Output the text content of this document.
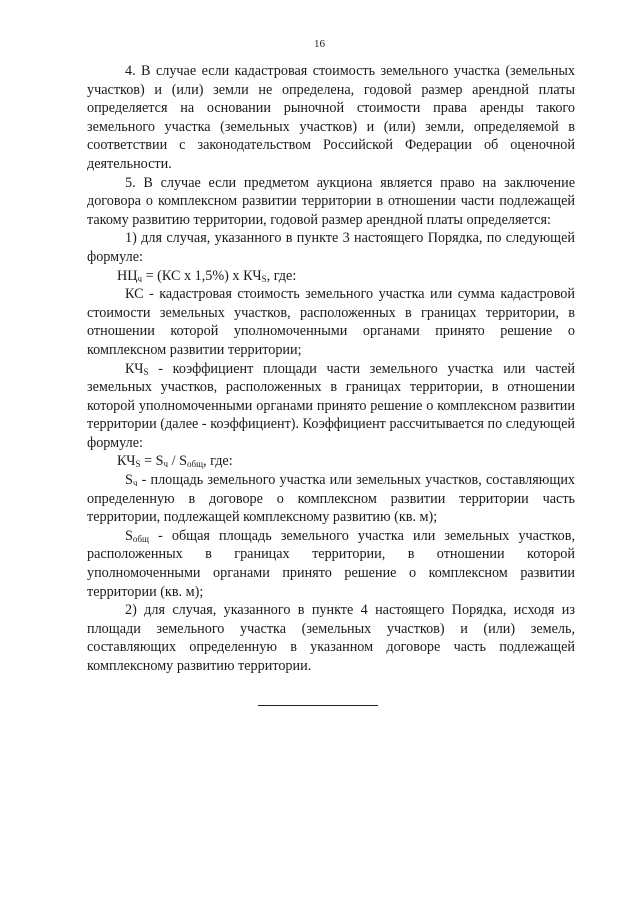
16

4. В случае если кадастровая стоимость земельного участка (земельных участков) и (или) земли не определена, годовой размер арендной платы определяется на основании рыночной стоимости права аренды такого земельного участка (земельных участков) и (или) земли, определяемой в соответствии с законодательством Российской Федерации об оценочной деятельности.

5. В случае если предметом аукциона является право на заключение договора о комплексном развитии территории в отношении части подлежащей такому развитию территории, годовой размер арендной платы определяется:

1) для случая, указанного в пункте 3 настоящего Порядка, по следующей формуле:

$НЦ_ч = (КС$ х 1,5%) х $КЧ_S$, где:

КС - кадастровая стоимость земельного участка или сумма кадастровой стоимости земельных участков, расположенных в границах территории, в отношении которой уполномоченными органами принято решение о комплексном развитии территории;

$КЧ_S$ - коэффициент площади части земельного участка или частей земельных участков, расположенных в границах территории, в отношении которой уполномоченными органами принято решение о комплексном развитии территории (далее - коэффициент). Коэффициент рассчитывается по следующей формуле:

$КЧ_S = S_ч / S_{общ}$, где:

$S_ч$ - площадь земельного участка или земельных участков, составляющих определенную в договоре о комплексном развитии территории часть территории, подлежащей комплексному развитию (кв. м);

$S_{общ}$ - общая площадь земельного участка или земельных участков, расположенных в границах территории, в отношении которой уполномоченными органами принято решение о комплексном развитии территории (кв. м);

2) для случая, указанного в пункте 4 настоящего Порядка, исходя из площади земельного участка (земельных участков) и (или) земель, составляющих определенную в указанном договоре часть подлежащей комплексному развитию территории.
